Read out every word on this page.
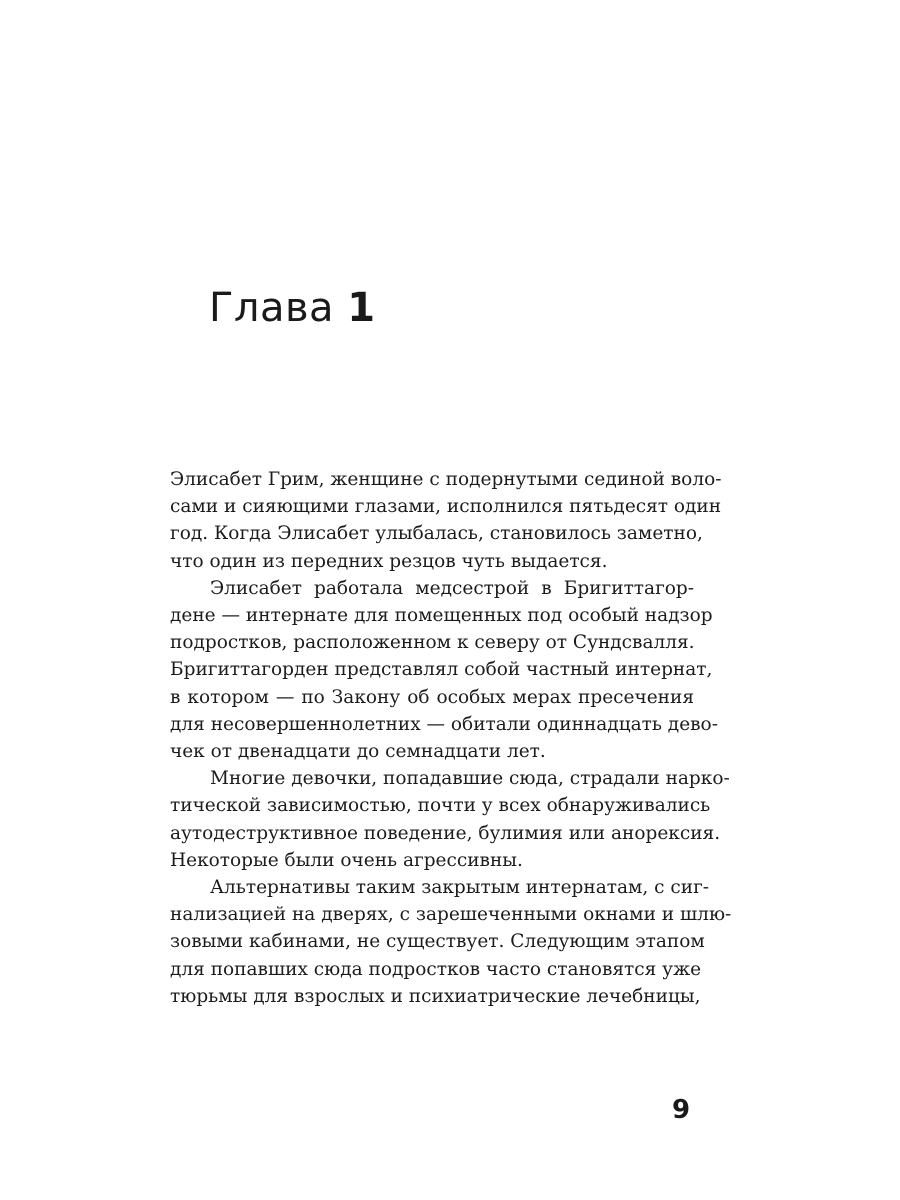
Глава 1

Элисабет Грим, женщине с подернутыми сединой воло-
сами и сияющими глазами, исполнился пятьдесят один
год. Когда Элисабет улыбалась, становилось заметно,
что один из передних резцов чуть выдается.

Элисабет работала медсестрой в Бригиттагор-
дене — интернате для помещенных под особый надзор
подростков, расположенном к северу от Сундсвалля.
Бригиттагорден представлял собой частный интернат,
в котором — по Закону об особых мерах пресечения
для несовершеннолетних — обитали одиннадцать дево-
чек от двенадцати до семнадцати лет.

Многие девочки, попадавшие сюда, страдали нарко-
тической зависимостью, почти у всех обнаруживались
аутодеструктивное поведение, булимия или анорексия.
Некоторые были очень агрессивны.

Альтернативы таким закрытым интернатам, с сиг-
нализацией на дверях, с зарешеченными окнами и шлю-
зовыми кабинами, не существует. Следующим этапом
для попавших сюда подростков часто становятся уже
тюрьмы для взрослых и психиатрические лечебницы,

9
